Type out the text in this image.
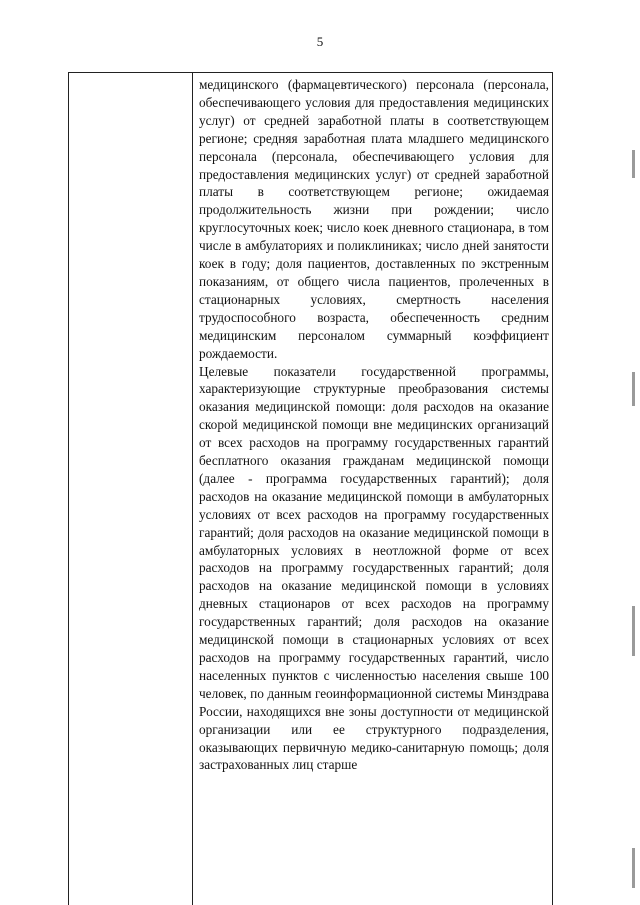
5

медицинского (фармацевтического) персонала (персонала, обеспечивающего условия для предоставления медицинских услуг) от средней заработной платы в соответствующем регионе; средняя заработная плата младшего медицинского персонала (персонала, обеспечивающего условия для предоставления медицинских услуг) от средней заработной платы в соответствующем регионе; ожидаемая продолжительность жизни при рождении; число круглосуточных коек; число коек дневного стационара, в том числе в амбулаториях и поликлиниках; число дней занятости коек в году; доля пациентов, доставленных по экстренным показаниям, от общего числа пациентов, пролеченных в стационарных условиях, смертность населения трудоспособного возраста, обеспеченность средним медицинским персоналом суммарный коэффициент рождаемости.

Целевые показатели государственной программы, характеризующие структурные преобразования системы оказания медицинской помощи: доля расходов на оказание скорой медицинской помощи вне медицинских организаций от всех расходов на программу государственных гарантий бесплатного оказания гражданам медицинской помощи (далее - программа государственных гарантий); доля расходов на оказание медицинской помощи в амбулаторных условиях от всех расходов на программу государственных гарантий; доля расходов на оказание медицинской помощи в амбулаторных условиях в неотложной форме от всех расходов на программу государственных гарантий; доля расходов на оказание медицинской помощи в условиях дневных стационаров от всех расходов на программу государственных гарантий; доля расходов на оказание медицинской помощи в стационарных условиях от всех расходов на программу государственных гарантий, число населенных пунктов с численностью населения свыше 100 человек, по данным геоинформационной системы Минздрава России, находящихся вне зоны доступности от медицинской организации или ее структурного подразделения, оказывающих первичную медико-санитарную помощь; доля застрахованных лиц старше
